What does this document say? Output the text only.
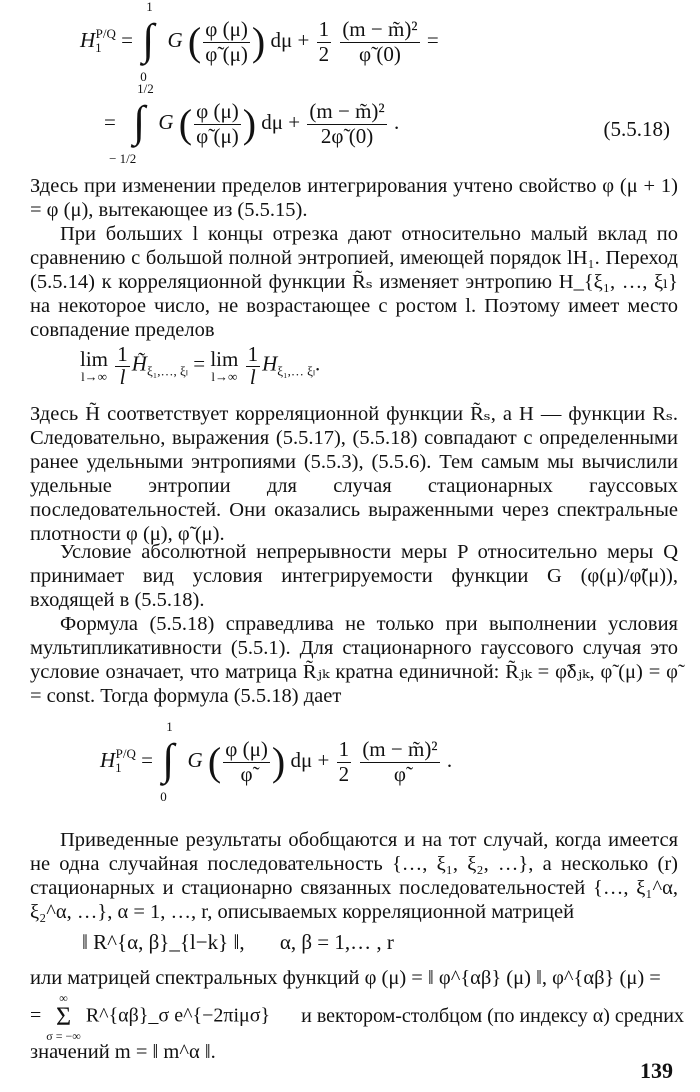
$H_1^{P/Q}$ =
1
∫
0
G ( $\frac{\varphi (\mu)}{\varphĩ (\mu)}$ ) $d\mu + \frac{1}{2}$
$\frac{\text{(m − m̃)²}}{\varphĩ (0)}$ =
=
1/2
∫
− 1/2
G ( $\frac{\varphi (\mu)}{\varphĩ (\mu)}$ ) $d\mu + \frac{\text{(m − m̃)²}}{2\varphĩ (0)}$ .	(5.5.18)
Здесь при изменении пределов интегрирования учтено свойство φ (μ + 1) = φ (μ), вытекающее из (5.5.15).
При больших l концы отрезка дают относительно малый вклад по сравнению с большой полной энтропией, имеющей порядок lH₁. Переход (5.5.14) к корреляционной функции R̃ₛ изменяет энтропию H_{ξ₁, …, ξₗ} на некоторое число, не возрастающее с ростом l. Поэтому имеет место совпадение пределов
lim
l→∞
$\frac{1}{l}H̃_{\xi_1,\dots, \xi_l} = \lim$
l→∞
$\frac{1}{l}H_{\xi_1,\dots \xi_l}$.
Здесь H̃ соответствует корреляционной функции R̃ₛ, а H — функции Rₛ. Следовательно, выражения (5.5.17), (5.5.18) совпадают с определенными ранее удельными энтропиями (5.5.3), (5.5.6). Тем самым мы вычислили удельные энтропии для случая стационарных гауссовых последовательностей. Они оказались выраженными через спектральные плотности φ (μ), φ̃ (μ).
Условие абсолютной непрерывности меры P относительно меры Q принимает вид условия интегрируемости функции G (φ(μ)/φ̃(μ)), входящей в (5.5.18).
Формула (5.5.18) справедлива не только при выполнении условия мультипликативности (5.5.1). Для стационарного гауссового случая это условие означает, что матрица R̃ⱼₖ кратна единичной: R̃ⱼₖ = φ̃δⱼₖ, φ̃ (μ) = φ̃ = const. Тогда формула (5.5.18) дает
$H_1^{P/Q}$ =
1
∫
0
G ( $\frac{\varphi (\mu)}{\varphĩ}$ ) $d\mu + \frac{1}{2}$
$\frac{\text{(m − m̃)²}}{\varphĩ}$ .
Приведенные результаты обобщаются и на тот случай, когда имеется не одна случайная последовательность {…, ξ₁, ξ₂, …}, а несколько (r) стационарных и стационарно связанных последовательностей {…, ξ₁^α, ξ₂^α, …}, α = 1, …, r, описываемых корреляционной матрицей
‖ R^{α, β}_{l−k} ‖, α, β = 1,… , r
или матрицей спектральных функций φ (μ) = ‖ φ^{αβ} (μ) ‖, φ^{αβ} (μ) =
=
∞
Σ
σ = −∞
R^{αβ}_σ e^{−2πiμσ} и вектором-столбцом (по индексу α) средних
значений m = ‖ m^α ‖.
139
